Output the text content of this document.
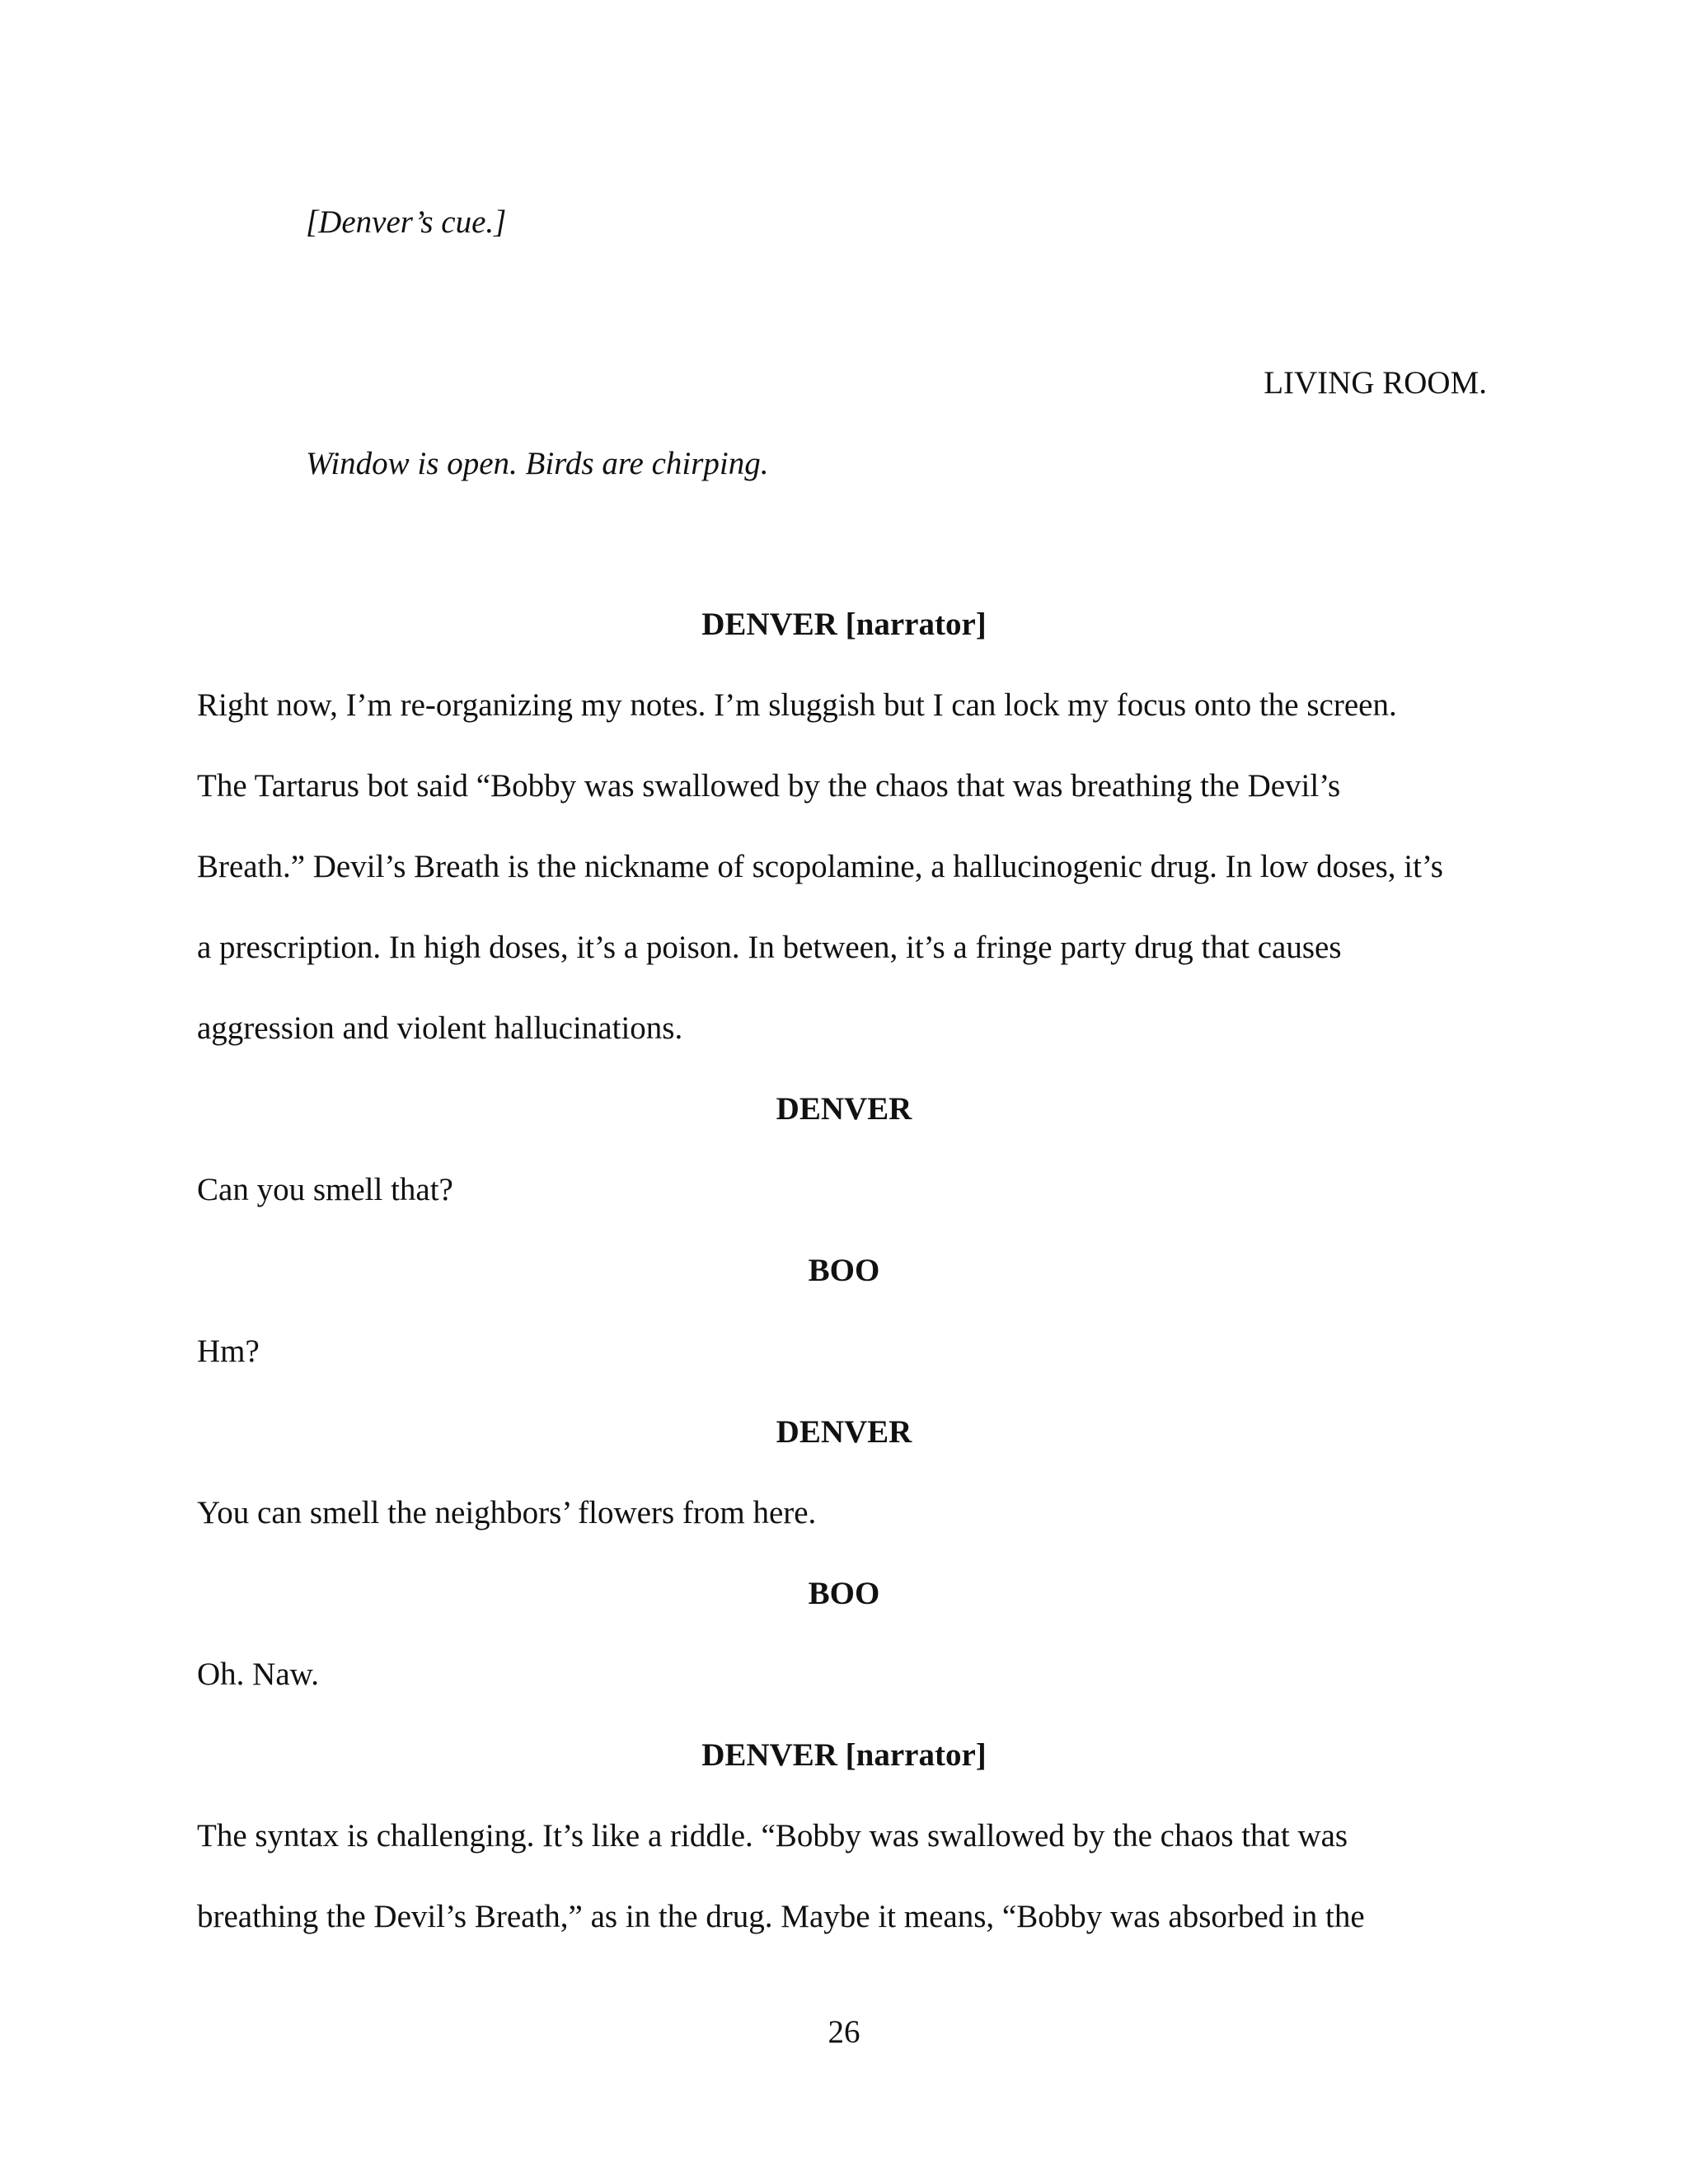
[Denver’s cue.]
LIVING ROOM.
Window is open. Birds are chirping.
DENVER [narrator]
Right now, I’m re-organizing my notes. I’m sluggish but I can lock my focus onto the screen.
The Tartarus bot said “Bobby was swallowed by the chaos that was breathing the Devil’s
Breath.” Devil’s Breath is the nickname of scopolamine, a hallucinogenic drug. In low doses, it’s
a prescription. In high doses, it’s a poison. In between, it’s a fringe party drug that causes
aggression and violent hallucinations.
DENVER
Can you smell that?
BOO
Hm?
DENVER
You can smell the neighbors’ flowers from here.
BOO
Oh. Naw.
DENVER [narrator]
The syntax is challenging. It’s like a riddle. “Bobby was swallowed by the chaos that was
breathing the Devil’s Breath,” as in the drug. Maybe it means, “Bobby was absorbed in the
26
